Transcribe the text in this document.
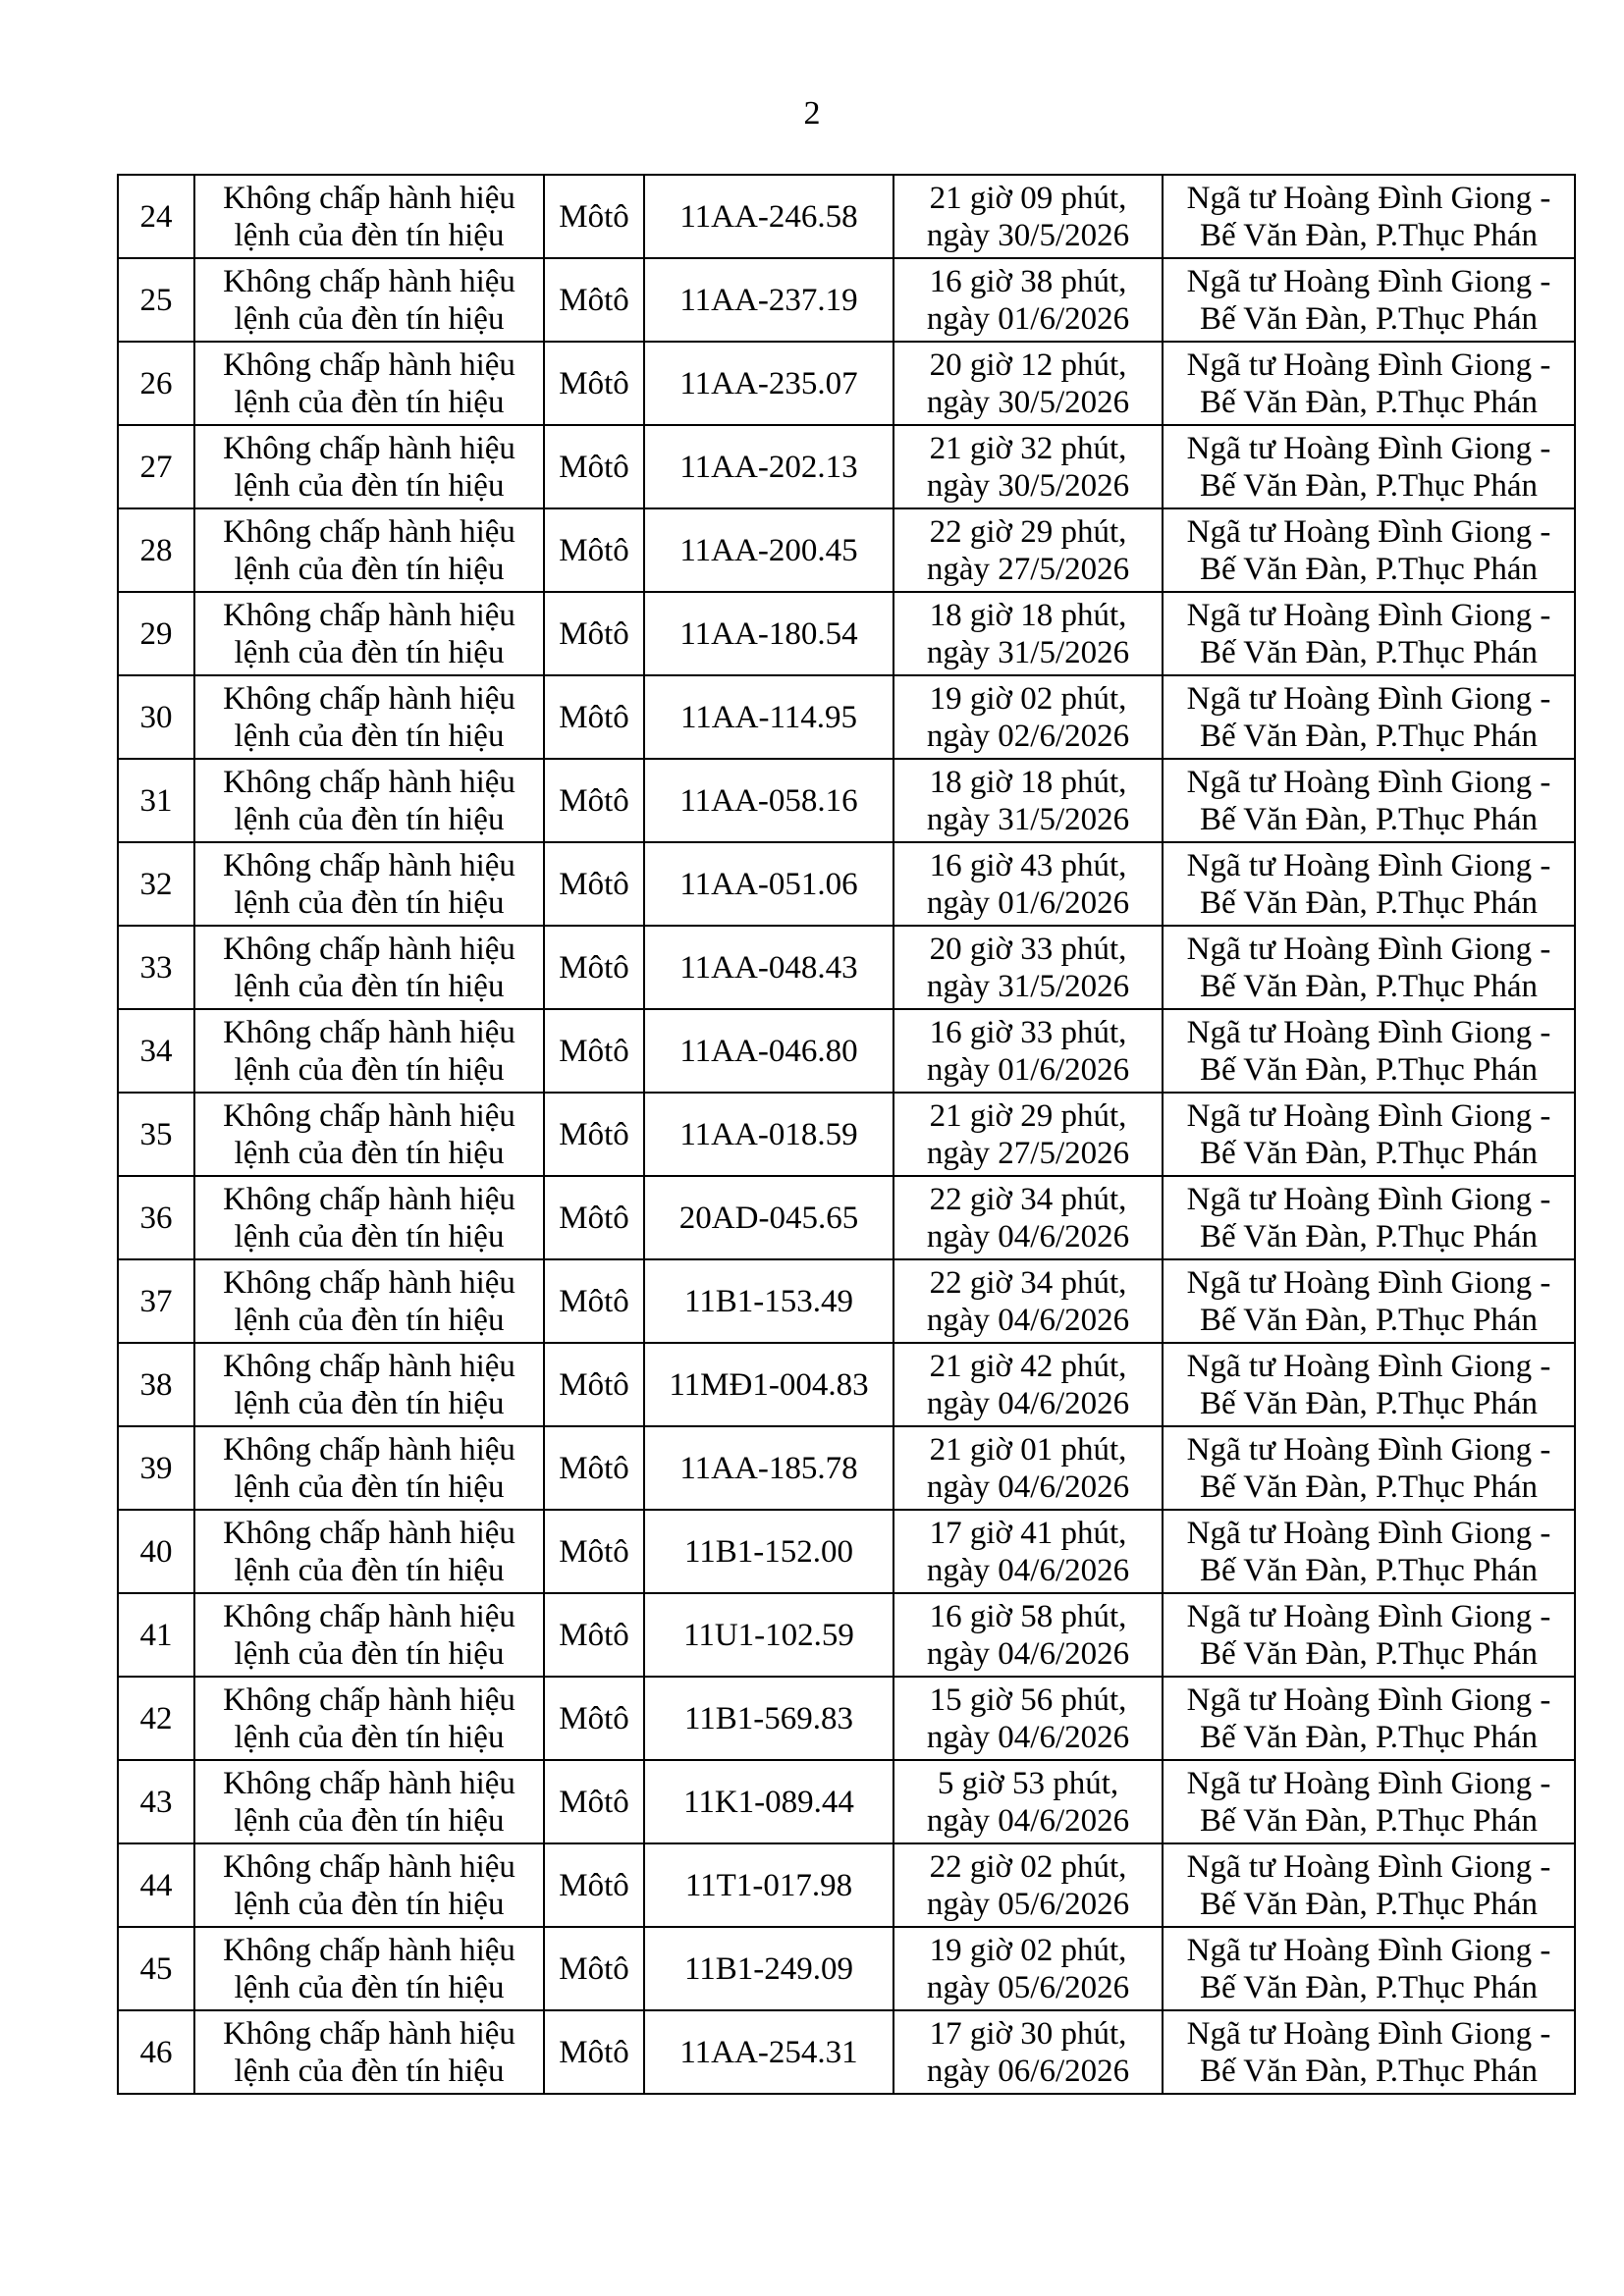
2
24	Không chấp hành hiệu
lệnh của đèn tín hiệu	Môtô	11AA-246.58	21 giờ 09 phút,
ngày 30/5/2026	Ngã tư Hoàng Đình Giong -
Bế Văn Đàn, P.Thục Phán

25	Không chấp hành hiệu
lệnh của đèn tín hiệu	Môtô	11AA-237.19	16 giờ 38 phút,
ngày 01/6/2026	Ngã tư Hoàng Đình Giong -
Bế Văn Đàn, P.Thục Phán

26	Không chấp hành hiệu
lệnh của đèn tín hiệu	Môtô	11AA-235.07	20 giờ 12 phút,
ngày 30/5/2026	Ngã tư Hoàng Đình Giong -
Bế Văn Đàn, P.Thục Phán

27	Không chấp hành hiệu
lệnh của đèn tín hiệu	Môtô	11AA-202.13	21 giờ 32 phút,
ngày 30/5/2026	Ngã tư Hoàng Đình Giong -
Bế Văn Đàn, P.Thục Phán

28	Không chấp hành hiệu
lệnh của đèn tín hiệu	Môtô	11AA-200.45	22 giờ 29 phút,
ngày 27/5/2026	Ngã tư Hoàng Đình Giong -
Bế Văn Đàn, P.Thục Phán

29	Không chấp hành hiệu
lệnh của đèn tín hiệu	Môtô	11AA-180.54	18 giờ 18 phút,
ngày 31/5/2026	Ngã tư Hoàng Đình Giong -
Bế Văn Đàn, P.Thục Phán

30	Không chấp hành hiệu
lệnh của đèn tín hiệu	Môtô	11AA-114.95	19 giờ 02 phút,
ngày 02/6/2026	Ngã tư Hoàng Đình Giong -
Bế Văn Đàn, P.Thục Phán

31	Không chấp hành hiệu
lệnh của đèn tín hiệu	Môtô	11AA-058.16	18 giờ 18 phút,
ngày 31/5/2026	Ngã tư Hoàng Đình Giong -
Bế Văn Đàn, P.Thục Phán

32	Không chấp hành hiệu
lệnh của đèn tín hiệu	Môtô	11AA-051.06	16 giờ 43 phút,
ngày 01/6/2026	Ngã tư Hoàng Đình Giong -
Bế Văn Đàn, P.Thục Phán

33	Không chấp hành hiệu
lệnh của đèn tín hiệu	Môtô	11AA-048.43	20 giờ 33 phút,
ngày 31/5/2026	Ngã tư Hoàng Đình Giong -
Bế Văn Đàn, P.Thục Phán

34	Không chấp hành hiệu
lệnh của đèn tín hiệu	Môtô	11AA-046.80	16 giờ 33 phút,
ngày 01/6/2026	Ngã tư Hoàng Đình Giong -
Bế Văn Đàn, P.Thục Phán

35	Không chấp hành hiệu
lệnh của đèn tín hiệu	Môtô	11AA-018.59	21 giờ 29 phút,
ngày 27/5/2026	Ngã tư Hoàng Đình Giong -
Bế Văn Đàn, P.Thục Phán

36	Không chấp hành hiệu
lệnh của đèn tín hiệu	Môtô	20AD-045.65	22 giờ 34 phút,
ngày 04/6/2026	Ngã tư Hoàng Đình Giong -
Bế Văn Đàn, P.Thục Phán

37	Không chấp hành hiệu
lệnh của đèn tín hiệu	Môtô	11B1-153.49	22 giờ 34 phút,
ngày 04/6/2026	Ngã tư Hoàng Đình Giong -
Bế Văn Đàn, P.Thục Phán

38	Không chấp hành hiệu
lệnh của đèn tín hiệu	Môtô	11MĐ1-004.83	21 giờ 42 phút,
ngày 04/6/2026	Ngã tư Hoàng Đình Giong -
Bế Văn Đàn, P.Thục Phán

39	Không chấp hành hiệu
lệnh của đèn tín hiệu	Môtô	11AA-185.78	21 giờ 01 phút,
ngày 04/6/2026	Ngã tư Hoàng Đình Giong -
Bế Văn Đàn, P.Thục Phán

40	Không chấp hành hiệu
lệnh của đèn tín hiệu	Môtô	11B1-152.00	17 giờ 41 phút,
ngày 04/6/2026	Ngã tư Hoàng Đình Giong -
Bế Văn Đàn, P.Thục Phán

41	Không chấp hành hiệu
lệnh của đèn tín hiệu	Môtô	11U1-102.59	16 giờ 58 phút,
ngày 04/6/2026	Ngã tư Hoàng Đình Giong -
Bế Văn Đàn, P.Thục Phán

42	Không chấp hành hiệu
lệnh của đèn tín hiệu	Môtô	11B1-569.83	15 giờ 56 phút,
ngày 04/6/2026	Ngã tư Hoàng Đình Giong -
Bế Văn Đàn, P.Thục Phán

43	Không chấp hành hiệu
lệnh của đèn tín hiệu	Môtô	11K1-089.44	5 giờ 53 phút,
ngày 04/6/2026	Ngã tư Hoàng Đình Giong -
Bế Văn Đàn, P.Thục Phán

44	Không chấp hành hiệu
lệnh của đèn tín hiệu	Môtô	11T1-017.98	22 giờ 02 phút,
ngày 05/6/2026	Ngã tư Hoàng Đình Giong -
Bế Văn Đàn, P.Thục Phán

45	Không chấp hành hiệu
lệnh của đèn tín hiệu	Môtô	11B1-249.09	19 giờ 02 phút,
ngày 05/6/2026	Ngã tư Hoàng Đình Giong -
Bế Văn Đàn, P.Thục Phán

46	Không chấp hành hiệu
lệnh của đèn tín hiệu	Môtô	11AA-254.31	17 giờ 30 phút,
ngày 06/6/2026	Ngã tư Hoàng Đình Giong -
Bế Văn Đàn, P.Thục Phán
